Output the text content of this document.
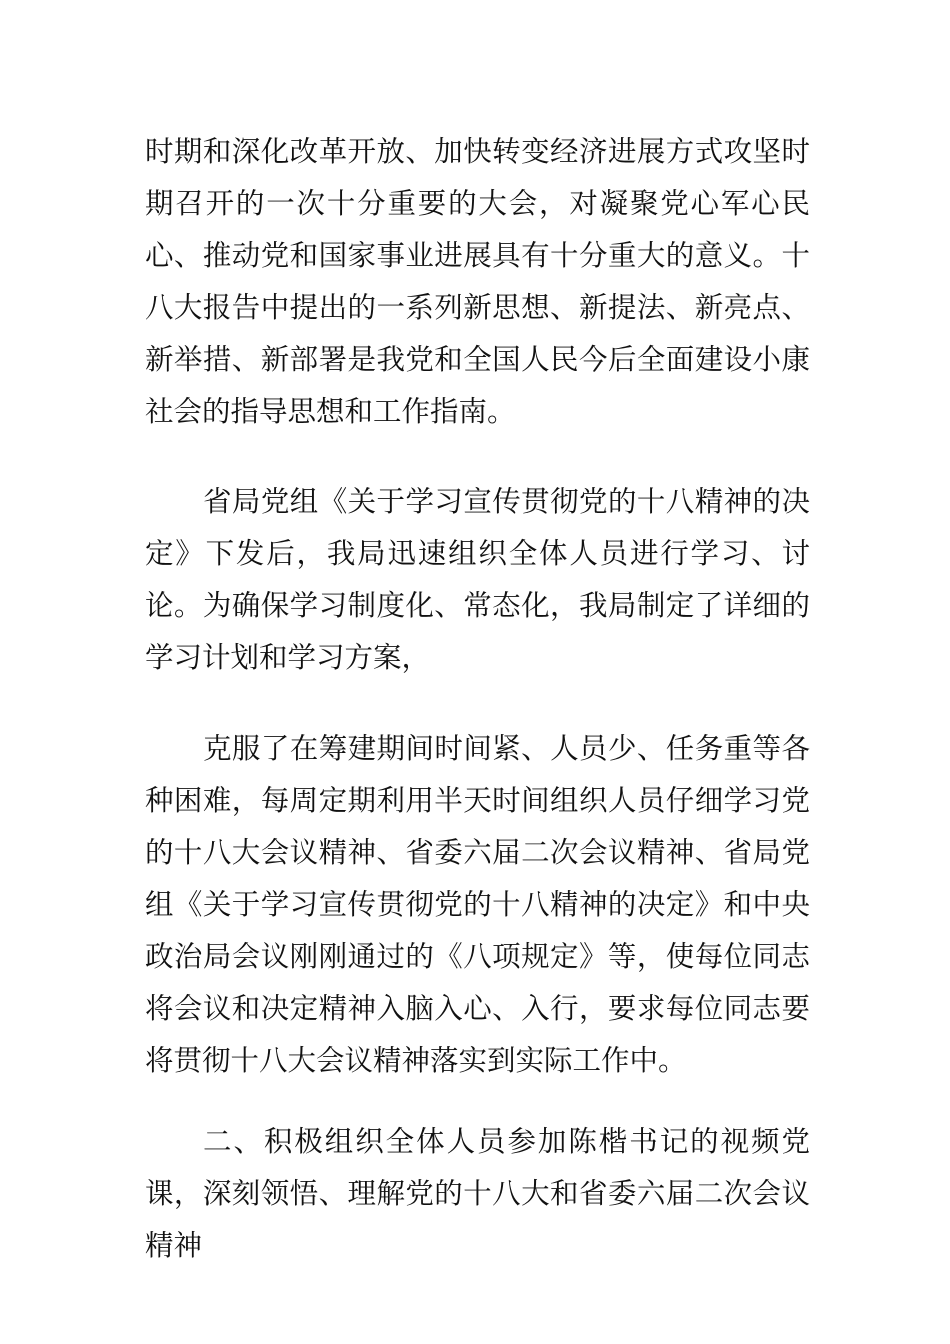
时期和深化改革开放、加快转变经济进展方式攻坚时期召开的一次十分重要的大会，对凝聚党心军心民心、推动党和国家事业进展具有十分重大的意义。十八大报告中提出的一系列新思想、新提法、新亮点、新举措、新部署是我党和全国人民今后全面建设小康社会的指导思想和工作指南。

省局党组《关于学习宣传贯彻党的十八精神的决定》下发后，我局迅速组织全体人员进行学习、讨论。为确保学习制度化、常态化，我局制定了详细的学习计划和学习方案，

克服了在筹建期间时间紧、人员少、任务重等各种困难，每周定期利用半天时间组织人员仔细学习党的十八大会议精神、省委六届二次会议精神、省局党组《关于学习宣传贯彻党的十八精神的决定》和中央政治局会议刚刚通过的《八项规定》等，使每位同志将会议和决定精神入脑入心、入行，要求每位同志要将贯彻十八大会议精神落实到实际工作中。

二、积极组织全体人员参加陈楷书记的视频党课，深刻领悟、理解党的十八大和省委六届二次会议精神
